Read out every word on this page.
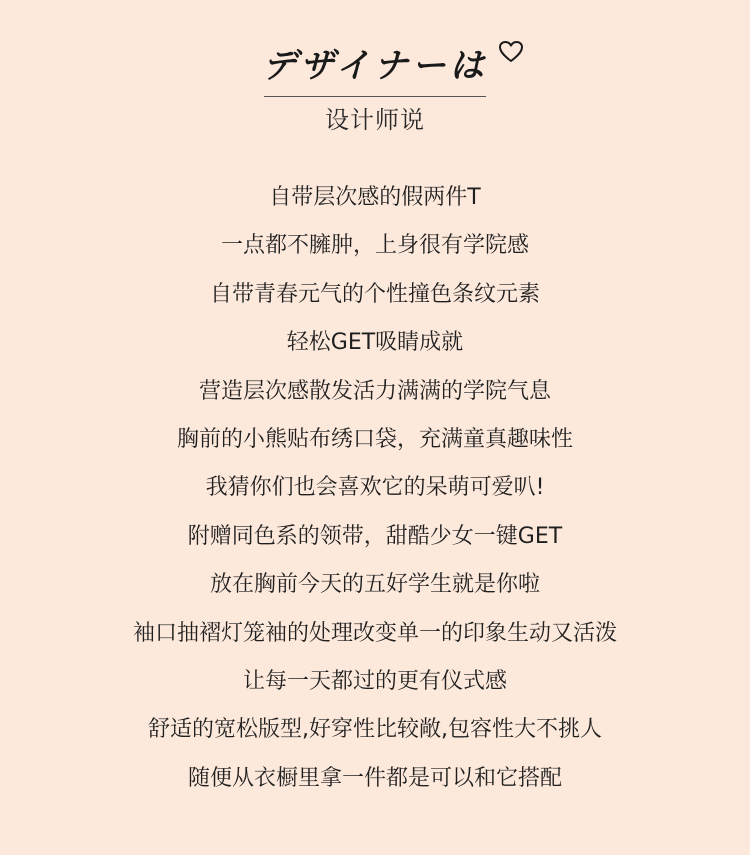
デザイナーは
设计师说
自带层次感的假两件T
一点都不臃肿，上身很有学院感
自带青春元气的个性撞色条纹元素
轻松GET吸睛成就
营造层次感散发活力满满的学院气息
胸前的小熊贴布绣口袋，充满童真趣味性
我猜你们也会喜欢它的呆萌可爱叭!
附赠同色系的领带，甜酷少女一键GET
放在胸前今天的五好学生就是你啦
袖口抽褶灯笼袖的处理改变单一的印象生动又活泼
让每一天都过的更有仪式感
舒适的宽松版型,好穿性比较敞,包容性大不挑人
随便从衣橱里拿一件都是可以和它搭配
